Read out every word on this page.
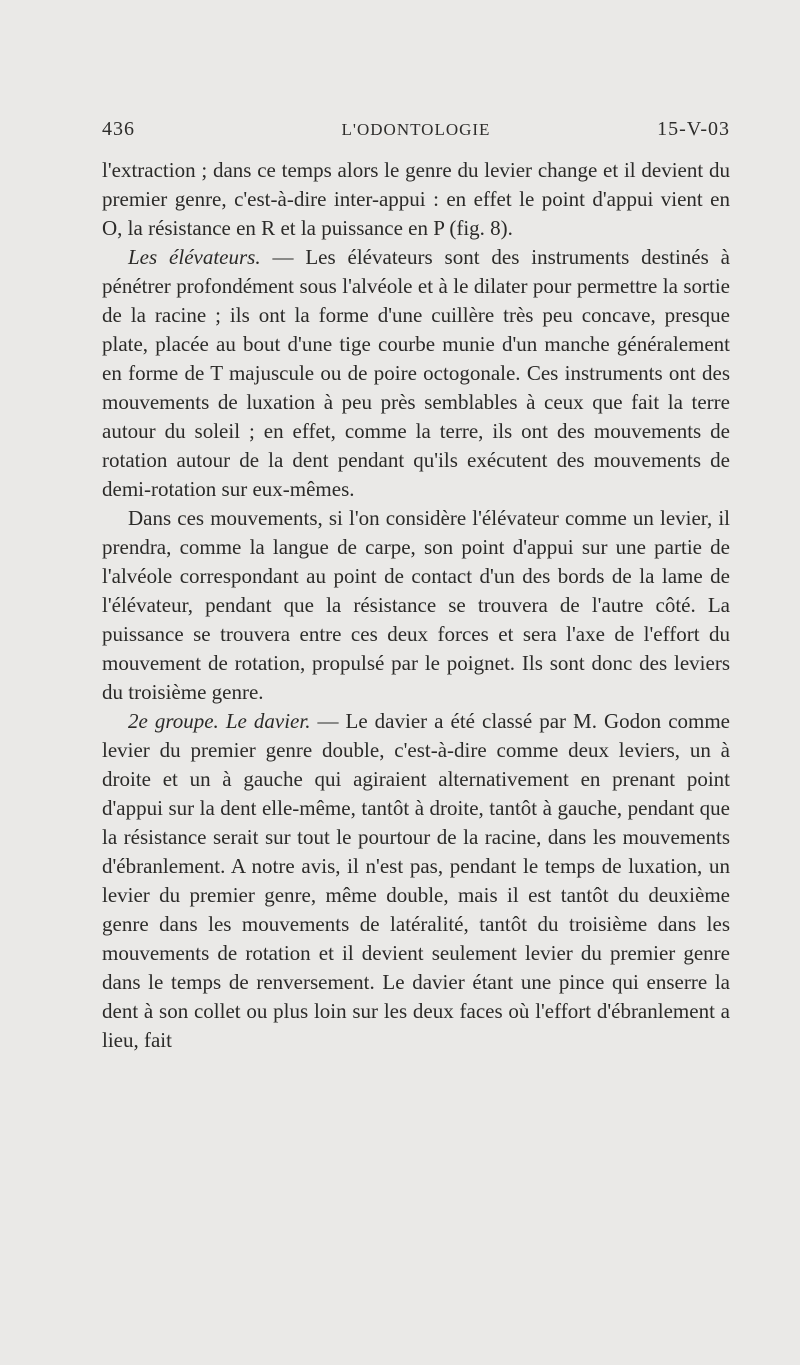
436	L'ODONTOLOGIE	15-V-03

l'extraction ; dans ce temps alors le genre du levier change et il devient du premier genre, c'est-à-dire inter-appui : en effet le point d'appui vient en O, la résistance en R et la puissance en P (fig. 8).

Les élévateurs. — Les élévateurs sont des instruments destinés à pénétrer profondément sous l'alvéole et à le dilater pour permettre la sortie de la racine ; ils ont la forme d'une cuillère très peu concave, presque plate, placée au bout d'une tige courbe munie d'un manche généralement en forme de T majuscule ou de poire octogonale. Ces instruments ont des mouvements de luxation à peu près semblables à ceux que fait la terre autour du soleil ; en effet, comme la terre, ils ont des mouvements de rotation autour de la dent pendant qu'ils exécutent des mouvements de demi-rotation sur eux-mêmes.

Dans ces mouvements, si l'on considère l'élévateur comme un levier, il prendra, comme la langue de carpe, son point d'appui sur une partie de l'alvéole correspondant au point de contact d'un des bords de la lame de l'élévateur, pendant que la résistance se trouvera de l'autre côté. La puissance se trouvera entre ces deux forces et sera l'axe de l'effort du mouvement de rotation, propulsé par le poignet. Ils sont donc des leviers du troisième genre.

2e groupe. Le davier. — Le davier a été classé par M. Godon comme levier du premier genre double, c'est-à-dire comme deux leviers, un à droite et un à gauche qui agiraient alternativement en prenant point d'appui sur la dent elle-même, tantôt à droite, tantôt à gauche, pendant que la résistance serait sur tout le pourtour de la racine, dans les mouvements d'ébranlement. A notre avis, il n'est pas, pendant le temps de luxation, un levier du premier genre, même double, mais il est tantôt du deuxième genre dans les mouvements de latéralité, tantôt du troisième dans les mouvements de rotation et il devient seulement levier du premier genre dans le temps de renversement. Le davier étant une pince qui enserre la dent à son collet ou plus loin sur les deux faces où l'effort d'ébranlement a lieu, fait
